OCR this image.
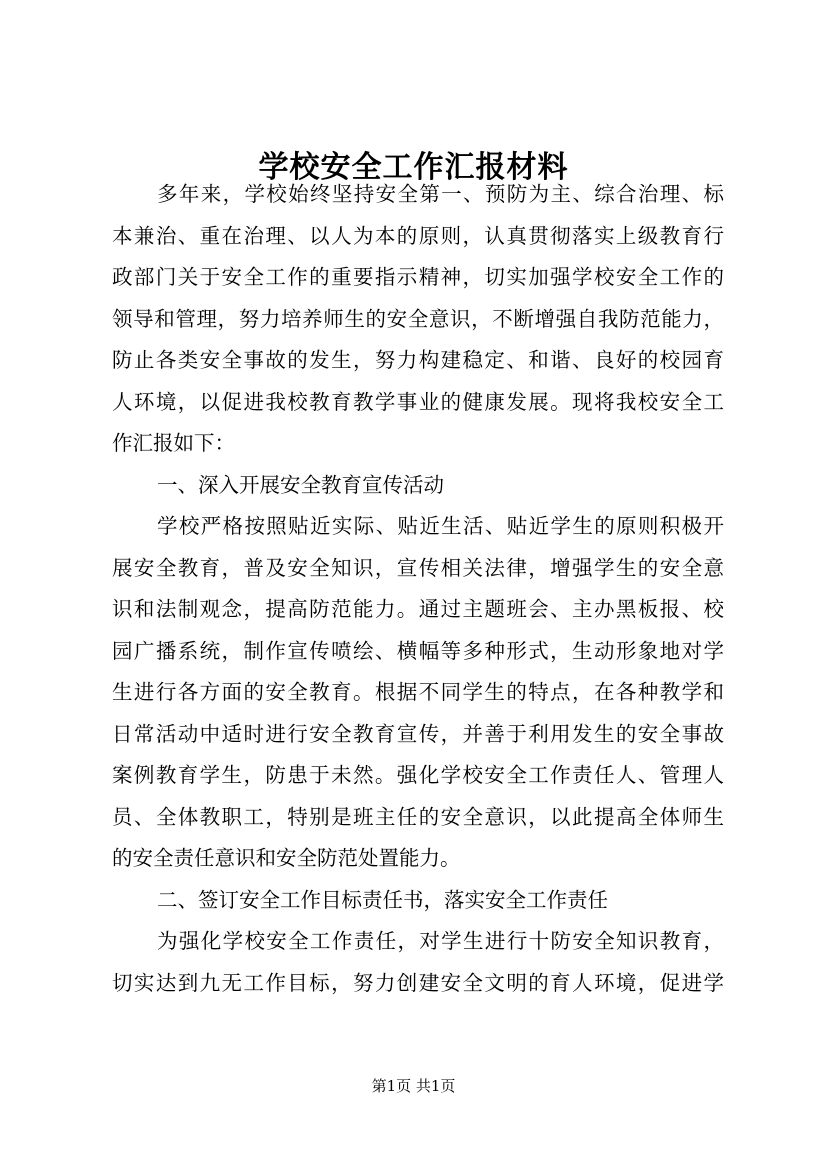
学校安全工作汇报材料
多年来，学校始终坚持安全第一、预防为主、综合治理、标
本兼治、重在治理、以人为本的原则，认真贯彻落实上级教育行
政部门关于安全工作的重要指示精神，切实加强学校安全工作的
领导和管理，努力培养师生的安全意识，不断增强自我防范能力，
防止各类安全事故的发生，努力构建稳定、和谐、良好的校园育
人环境，以促进我校教育教学事业的健康发展。现将我校安全工
作汇报如下：
一、深入开展安全教育宣传活动
学校严格按照贴近实际、贴近生活、贴近学生的原则积极开
展安全教育，普及安全知识，宣传相关法律，增强学生的安全意
识和法制观念，提高防范能力。通过主题班会、主办黑板报、校
园广播系统，制作宣传喷绘、横幅等多种形式，生动形象地对学
生进行各方面的安全教育。根据不同学生的特点，在各种教学和
日常活动中适时进行安全教育宣传，并善于利用发生的安全事故
案例教育学生，防患于未然。强化学校安全工作责任人、管理人
员、全体教职工，特别是班主任的安全意识，以此提高全体师生
的安全责任意识和安全防范处置能力。
二、签订安全工作目标责任书，落实安全工作责任
为强化学校安全工作责任，对学生进行十防安全知识教育，
切实达到九无工作目标，努力创建安全文明的育人环境，促进学
第1页 共1页
